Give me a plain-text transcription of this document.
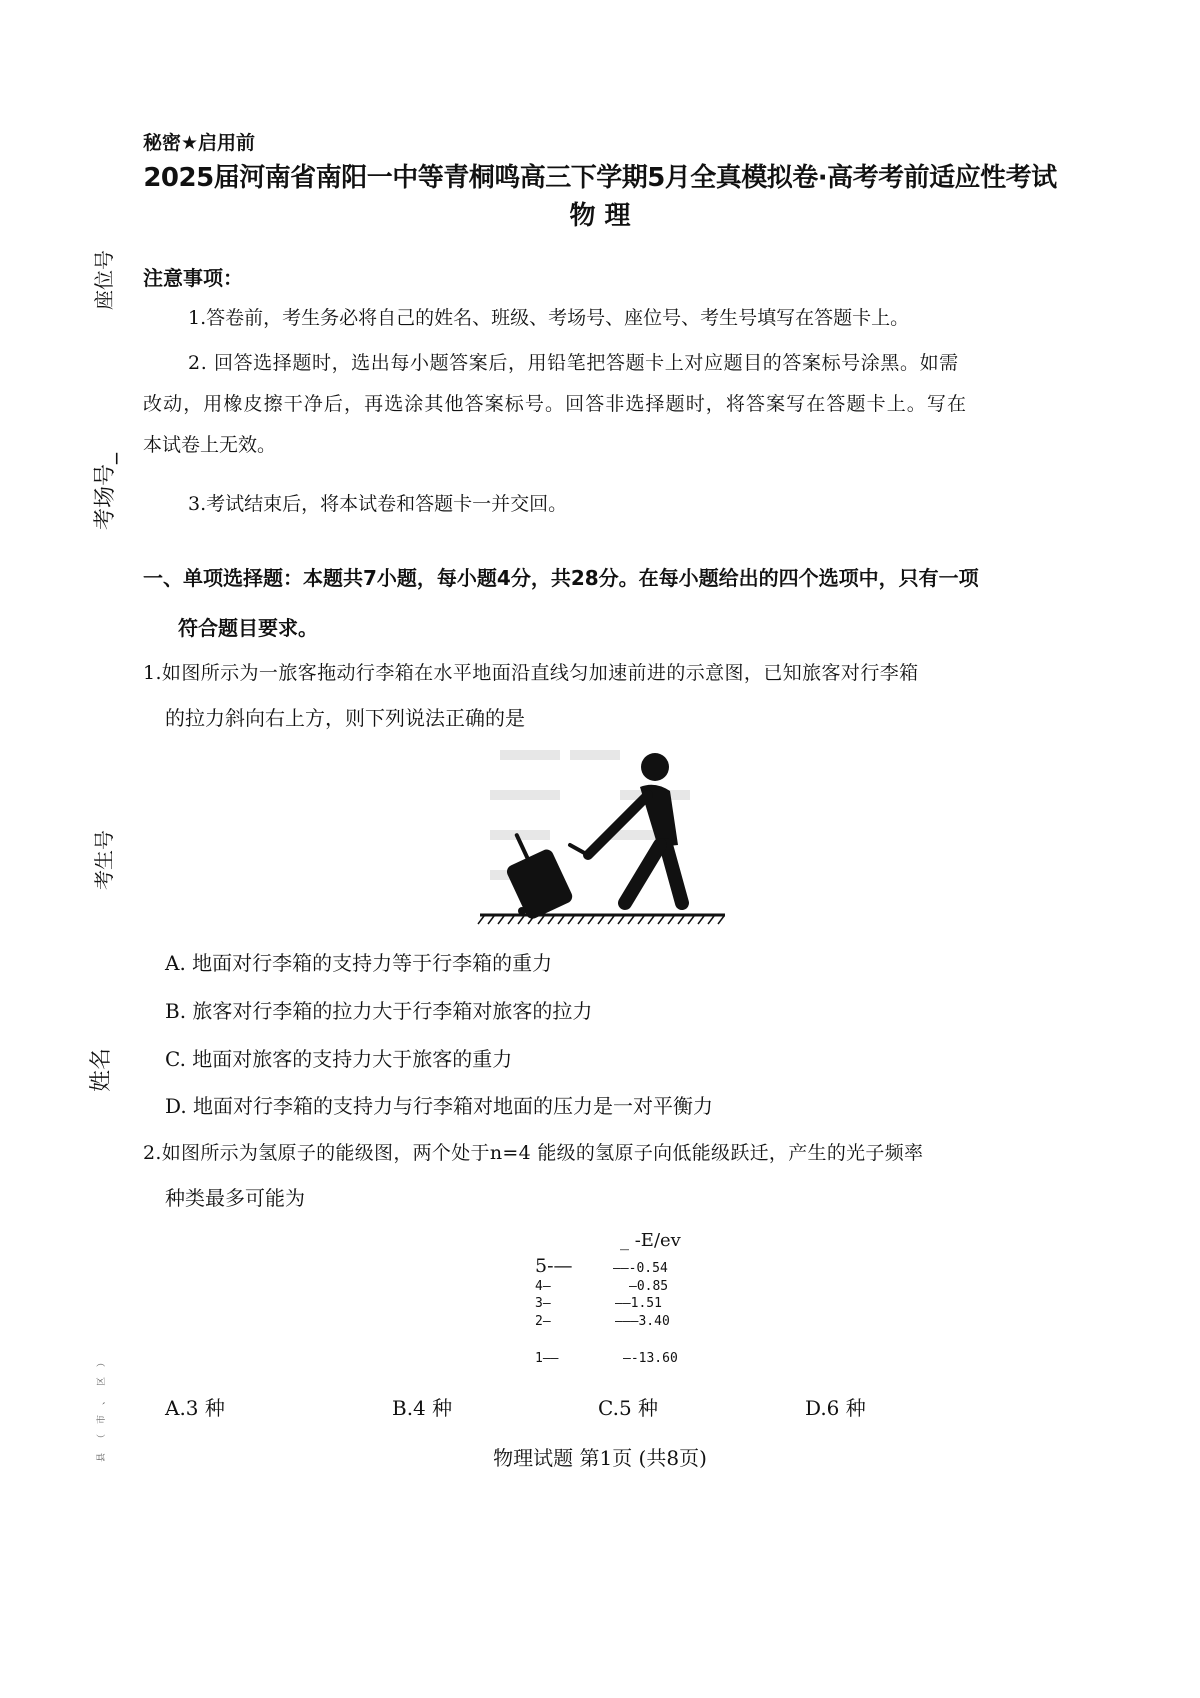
秘密★启用前
2025届河南省南阳一中等青桐鸣高三下学期5月全真模拟卷·高考考前适应性考试
物 理
座位号
考场号_
考生号
姓名
县（市、区）
注意事项：
1.答卷前，考生务必将自己的姓名、班级、考场号、座位号、考生号填写在答题卡上。
2. 回答选择题时，选出每小题答案后，用铅笔把答题卡上对应题目的答案标号涂黑。如需
改动，用橡皮擦干净后，再选涂其他答案标号。回答非选择题时，将答案写在答题卡上。写在
本试卷上无效。
3.考试结束后，将本试卷和答题卡一并交回。
一、单项选择题：本题共7小题，每小题4分，共28分。在每小题给出的四个选项中，只有一项
符合题目要求。
1.如图所示为一旅客拖动行李箱在水平地面沿直线匀加速前进的示意图，已知旅客对行李箱
的拉力斜向右上方，则下列说法正确的是
A. 地面对行李箱的支持力等于行李箱的重力
B. 旅客对行李箱的拉力大于行李箱对旅客的拉力
C. 地面对旅客的支持力大于旅客的重力
D. 地面对行李箱的支持力与行李箱对地面的压力是一对平衡力
2.如图所示为氢原子的能级图，两个处于n=4 能级的氢原子向低能级跃迁，产生的光子频率
种类最多可能为
_ -E/ev
5-—	——-0.54
4—	—0.85
3—	——1.51
2—	———3.40
1——	—-13.60
A.3 种	B.4 种	C.5 种	D.6 种
物理试题 第1页 (共8页)
